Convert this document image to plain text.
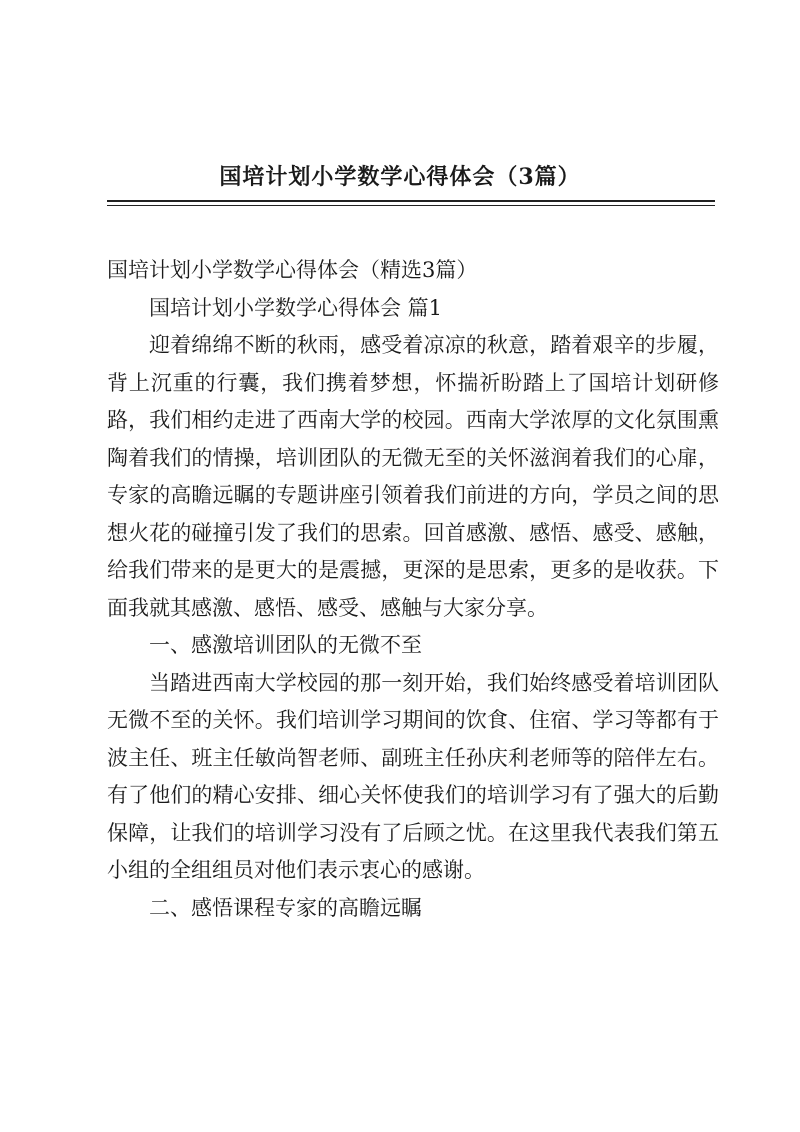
国培计划小学数学心得体会（3篇）

国培计划小学数学心得体会（精选3篇）

国培计划小学数学心得体会 篇1

迎着绵绵不断的秋雨，感受着凉凉的秋意，踏着艰辛的步履，背上沉重的行囊，我们携着梦想，怀揣祈盼踏上了国培计划研修路，我们相约走进了西南大学的校园。西南大学浓厚的文化氛围熏陶着我们的情操，培训团队的无微无至的关怀滋润着我们的心扉，专家的高瞻远瞩的专题讲座引领着我们前进的方向，学员之间的思想火花的碰撞引发了我们的思索。回首感激、感悟、感受、感触，给我们带来的是更大的是震撼，更深的是思索，更多的是收获。下面我就其感激、感悟、感受、感触与大家分享。

一、感激培训团队的无微不至

当踏进西南大学校园的那一刻开始，我们始终感受着培训团队无微不至的关怀。我们培训学习期间的饮食、住宿、学习等都有于波主任、班主任敏尚智老师、副班主任孙庆利老师等的陪伴左右。有了他们的精心安排、细心关怀使我们的培训学习有了强大的后勤保障，让我们的培训学习没有了后顾之忧。在这里我代表我们第五小组的全组组员对他们表示衷心的感谢。

二、感悟课程专家的高瞻远瞩
